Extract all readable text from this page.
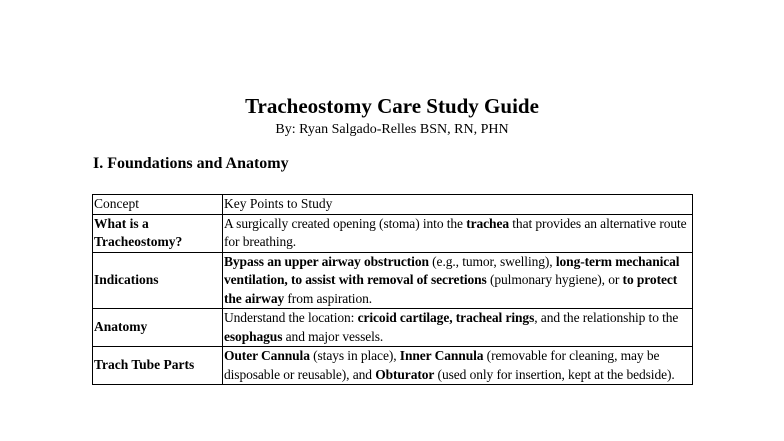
Tracheostomy Care Study Guide
By: Ryan Salgado-Relles BSN, RN, PHN
I. Foundations and Anatomy
Concept	Key Points to Study
What is a Tracheostomy?	A surgically created opening (stoma) into the trachea that provides an alternative route for breathing.
Indications	Bypass an upper airway obstruction (e.g., tumor, swelling), long-term mechanical ventilation, to assist with removal of secretions (pulmonary hygiene), or to protect the airway from aspiration.
Anatomy	Understand the location: cricoid cartilage, tracheal rings, and the relationship to the esophagus and major vessels.
Trach Tube Parts	Outer Cannula (stays in place), Inner Cannula (removable for cleaning, may be disposable or reusable), and Obturator (used only for insertion, kept at the bedside).
